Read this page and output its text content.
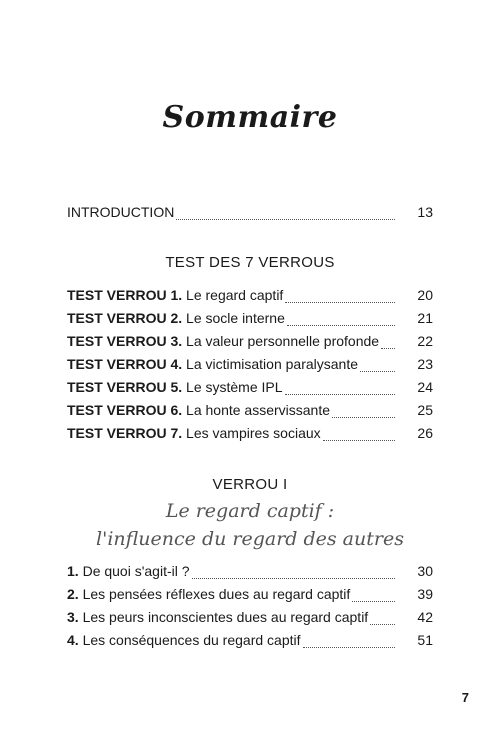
Sommaire
INTRODUCTION	13
TEST DES 7 VERROUS
TEST VERROU 1. Le regard captif	20
TEST VERROU 2. Le socle interne	21
TEST VERROU 3. La valeur personnelle profonde	22
TEST VERROU 4. La victimisation paralysante	23
TEST VERROU 5. Le système IPL	24
TEST VERROU 6. La honte asservissante	25
TEST VERROU 7. Les vampires sociaux	26
VERROU I
Le regard captif :
l'influence du regard des autres
1. De quoi s'agit-il ?	30
2. Les pensées réflexes dues au regard captif	39
3. Les peurs inconscientes dues au regard captif	42
4. Les conséquences du regard captif	51
7
